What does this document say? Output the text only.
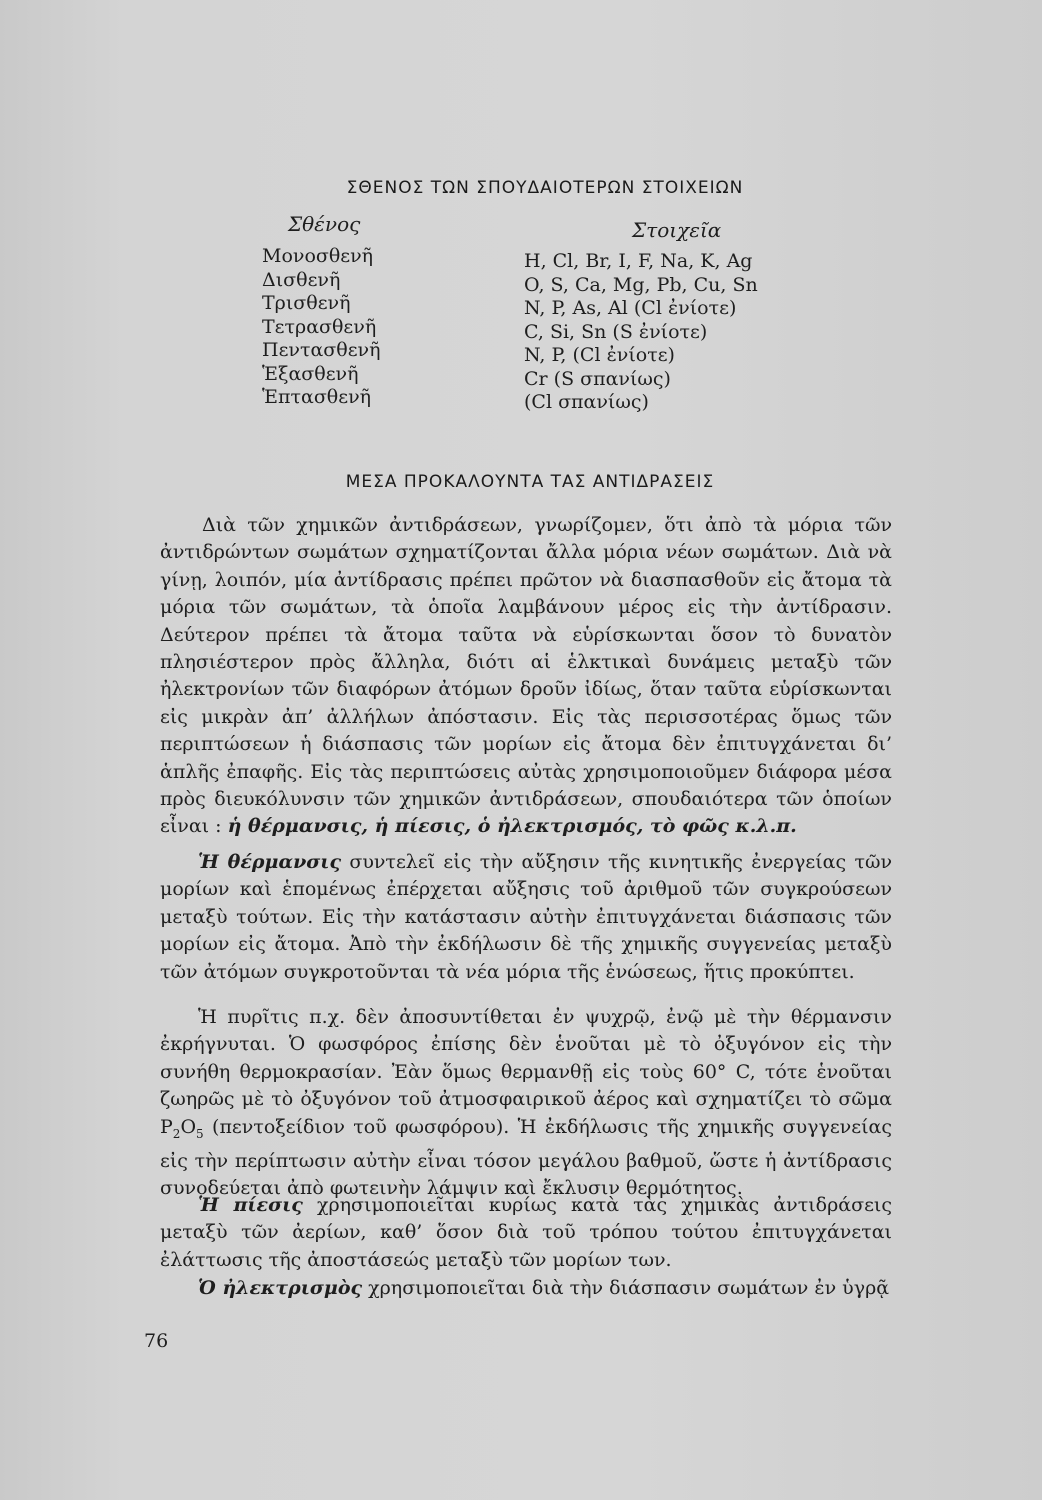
ΣΘΕΝΟΣ ΤΩΝ ΣΠΟΥΔΑΙΟΤΕΡΩΝ ΣΤΟΙΧΕΙΩΝ
Σθένος	Στοιχεῖα
Μονοσθενῆ
Δισθενῆ
Τρισθενῆ
Τετρασθενῆ
Πεντασθενῆ
Ἑξασθενῆ
Ἑπτασθενῆ
H, Cl, Br, I, F, Na, K, Ag
O, S, Ca, Mg, Pb, Cu, Sn
N, P, As, Al (Cl ἐνίοτε)
C, Si, Sn (S ἐνίοτε)
N, P, (Cl ἐνίοτε)
Cr (S σπανίως)
(Cl σπανίως)
ΜΕΣΑ ΠΡΟΚΑΛΟΥΝΤΑ ΤΑΣ ΑΝΤΙΔΡΑΣΕΙΣ

Διὰ τῶν χημικῶν ἀντιδράσεων, γνωρίζομεν, ὅτι ἀπὸ τὰ μόρια τῶν ἀντιδρώντων σωμάτων σχηματίζονται ἄλλα μόρια νέων σωμάτων. Διὰ νὰ γίνῃ, λοιπόν, μία ἀντίδρασις πρέπει πρῶτον νὰ διασπασθοῦν εἰς ἄτομα τὰ μόρια τῶν σωμάτων, τὰ ὁποῖα λαμβάνουν μέρος εἰς τὴν ἀντίδρασιν. Δεύτερον πρέπει τὰ ἄτομα ταῦτα νὰ εὑρίσκωνται ὅσον τὸ δυνατὸν πλησιέστερον πρὸς ἄλληλα, διότι αἱ ἑλκτικαὶ δυνάμεις μεταξὺ τῶν ἠλεκτρονίων τῶν διαφόρων ἀτόμων δροῦν ἰδίως, ὅταν ταῦτα εὑρίσκωνται εἰς μικρὰν ἀπ’ ἀλλήλων ἀπόστασιν. Εἰς τὰς περισσοτέρας ὅμως τῶν περιπτώσεων ἡ διάσπασις τῶν μορίων εἰς ἄτομα δὲν ἐπιτυγχάνεται δι’ ἁπλῆς ἐπαφῆς. Εἰς τὰς περιπτώσεις αὐτὰς χρησιμοποιοῦμεν διάφορα μέσα πρὸς διευκόλυνσιν τῶν χημικῶν ἀντιδράσεων, σπουδαιότερα τῶν ὁποίων εἶναι : ἡ θέρμανσις, ἡ πίεσις, ὁ ἠλεκτρισμός, τὸ φῶς κ.λ.π.

Ἡ θέρμανσις συντελεῖ εἰς τὴν αὔξησιν τῆς κινητικῆς ἐνεργείας τῶν μορίων καὶ ἑπομένως ἐπέρχεται αὔξησις τοῦ ἀριθμοῦ τῶν συγκρούσεων μεταξὺ τούτων. Εἰς τὴν κατάστασιν αὐτὴν ἐπιτυγχάνεται διάσπασις τῶν μορίων εἰς ἄτομα. Ἀπὸ τὴν ἐκδήλωσιν δὲ τῆς χημικῆς συγγενείας μεταξὺ τῶν ἀτόμων συγκροτοῦνται τὰ νέα μόρια τῆς ἑνώσεως, ἥτις προκύπτει.

Ἡ πυρῖτις π.χ. δὲν ἀποσυντίθεται ἐν ψυχρῷ, ἐνῷ μὲ τὴν θέρμανσιν ἐκρήγνυται. Ὁ φωσφόρος ἐπίσης δὲν ἑνοῦται μὲ τὸ ὀξυγόνον εἰς τὴν συνήθη θερμοκρασίαν. Ἐὰν ὅμως θερμανθῇ εἰς τοὺς 60° C, τότε ἑνοῦται ζωηρῶς μὲ τὸ ὀξυγόνον τοῦ ἀτμοσφαιρικοῦ ἀέρος καὶ σχηματίζει τὸ σῶμα $P_2O_5$ (πεντοξείδιον τοῦ φωσφόρου). Ἡ ἐκδήλωσις τῆς χημικῆς συγγενείας εἰς τὴν περίπτωσιν αὐτὴν εἶναι τόσον μεγάλου βαθμοῦ, ὥστε ἡ ἀντίδρασις συνοδεύεται ἀπὸ φωτεινὴν λάμψιν καὶ ἔκλυσιν θερμότητος.

Ἡ πίεσις χρησιμοποιεῖται κυρίως κατὰ τὰς χημικὰς ἀντιδράσεις μεταξὺ τῶν ἀερίων, καθ’ ὅσον διὰ τοῦ τρόπου τούτου ἐπιτυγχάνεται ἐλάττωσις τῆς ἀποστάσεώς μεταξὺ τῶν μορίων των.

Ὁ ἠλεκτρισμὸς χρησιμοποιεῖται διὰ τὴν διάσπασιν σωμάτων ἐν ὑγρᾷ

76
